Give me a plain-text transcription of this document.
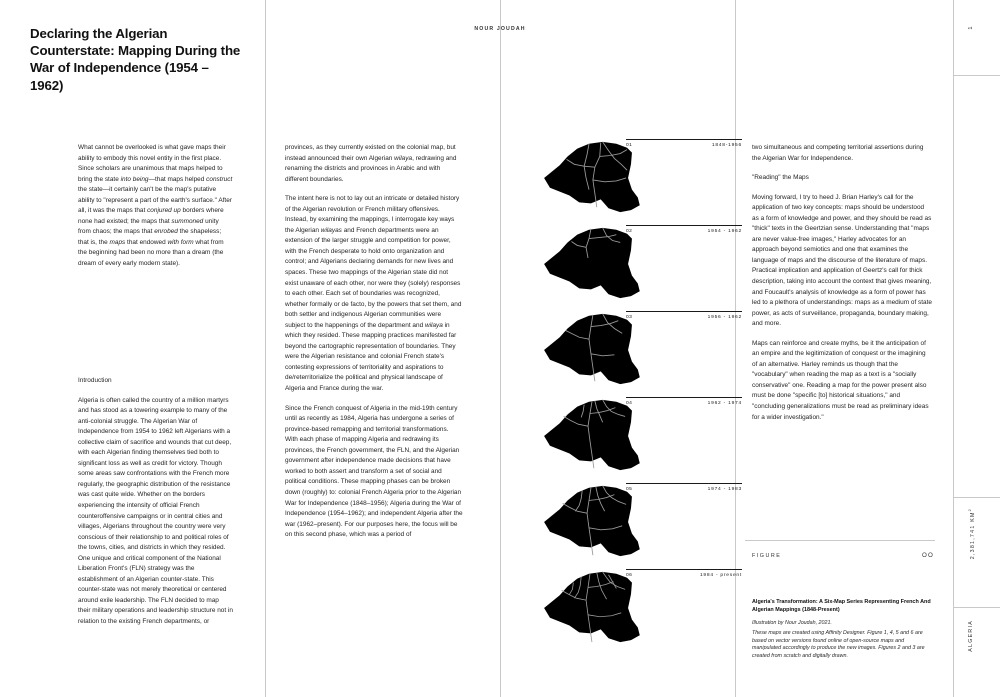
NOUR JOUDAH	1
Declaring the Algerian Counterstate: Mapping During the War of Independence (1954 – 1962)

What cannot be overlooked is what gave maps their ability to embody this novel entity in the first place. Since scholars are unanimous that maps helped to bring the state into being—that maps helped construct the state—it certainly can't be the map's putative ability to "represent a part of the earth's surface." After all, it was the maps that conjured up borders where none had existed; the maps that summoned unity from chaos; the maps that enrobed the shapeless; that is, the maps that endowed with form what from the beginning had been no more than a dream (the dream of every early modern state).

Introduction

Algeria is often called the country of a million martyrs and has stood as a towering example to many of the anti-colonial struggle. The Algerian War of Independence from 1954 to 1962 left Algerians with a collective claim of sacrifice and wounds that cut deep, with each Algerian finding themselves tied both to significant loss as well as credit for victory. Though some areas saw confrontations with the French more regularly, the geographic distribution of the resistance was cast quite wide. Whether on the borders experiencing the intensity of official French counteroffensive campaigns or in central cities and villages, Algerians throughout the country were very conscious of their relationship to and political roles of the towns, cities, and districts in which they resided. One unique and critical component of the National Liberation Front's (FLN) strategy was the establishment of an Algerian counter-state. This counter-state was not merely theoretical or centered around exile leadership. The FLN decided to map their military operations and leadership structure not in relation to the existing French departments, or

provinces, as they currently existed on the colonial map, but instead announced their own Algerian wilaya, redrawing and renaming the districts and provinces in Arabic and with different boundaries.

The intent here is not to lay out an intricate or detailed history of the Algerian revolution or French military offensives. Instead, by examining the mappings, I interrogate key ways the Algerian wilayas and French departments were an extension of the larger struggle and competition for power, with the French desperate to hold onto organization and control; and Algerians declaring demands for new lives and spaces. These two mappings of the Algerian state did not exist unaware of each other, nor were they (solely) responses to each other. Each set of boundaries was recognized, whether formally or de facto, by the powers that set them, and both settler and indigenous Algerian communities were subject to the happenings of the department and wilaya in which they resided. These mapping practices manifested far beyond the cartographic representation of boundaries. They were the Algerian resistance and colonial French state's contesting expressions of territoriality and aspirations to de/reterritorialize the political and physical landscape of Algeria and France during the war.

Since the French conquest of Algeria in the mid-19th century until as recently as 1984, Algeria has undergone a series of province-based remapping and territorial transformations. With each phase of mapping Algeria and redrawing its provinces, the French government, the FLN, and the Algerian government after independence made decisions that have worked to both assert and transform a set of social and political conditions. These mapping phases can be broken down (roughly) to: colonial French Algeria prior to the Algerian War for Independence (1848–1956); Algeria during the War of Independence (1954–1962); and independent Algeria after the war (1962–present). For our purposes here, the focus will be on this second phase, which was a period of

01	1848-1956
02	1954 - 1962
03	1956 - 1962
04	1962 - 1974
05	1974 - 1983
06	1984 - present

two simultaneous and competing territorial assertions during the Algerian War for Independence.

"Reading" the Maps

Moving forward, I try to heed J. Brian Harley's call for the application of two key concepts: maps should be understood as a form of knowledge and power, and they should be read as "thick" texts in the Geertzian sense. Understanding that "maps are never value-free images," Harley advocates for an approach beyond semiotics and one that examines the language of maps and the discourse of the literature of maps. Practical implication and application of Geertz's call for thick description, taking into account the context that gives meaning, and Foucault's analysis of knowledge as a form of power has led to a plethora of understandings: maps as a medium of state power, as acts of surveillance, propaganda, boundary making, and more.

Maps can reinforce and create myths, be it the anticipation of an empire and the legitimization of conquest or the imagining of an alternative. Harley reminds us though that the "vocabulary" when reading the map as a text is a "socially conservative" one. Reading a map for the power present also must be done "specific [to] historical situations," and "concluding generalizations must be read as preliminary ideas for a wider investigation."

FIGURE	OO
Algeria's Transformation: A Six-Map Series Representing French And Algerian Mappings (1848-Present)
Illustration by Nour Joudah, 2021.
These maps are created using Affinity Designer. Figure 1, 4, 5 and 6 are based on vector versions found online of open-source maps and manipulated accordingly to produce the new images. Figures 2 and 3 are created from scratch and digitally drawn.
2,381,741 $KM^2$
ALGERIA
